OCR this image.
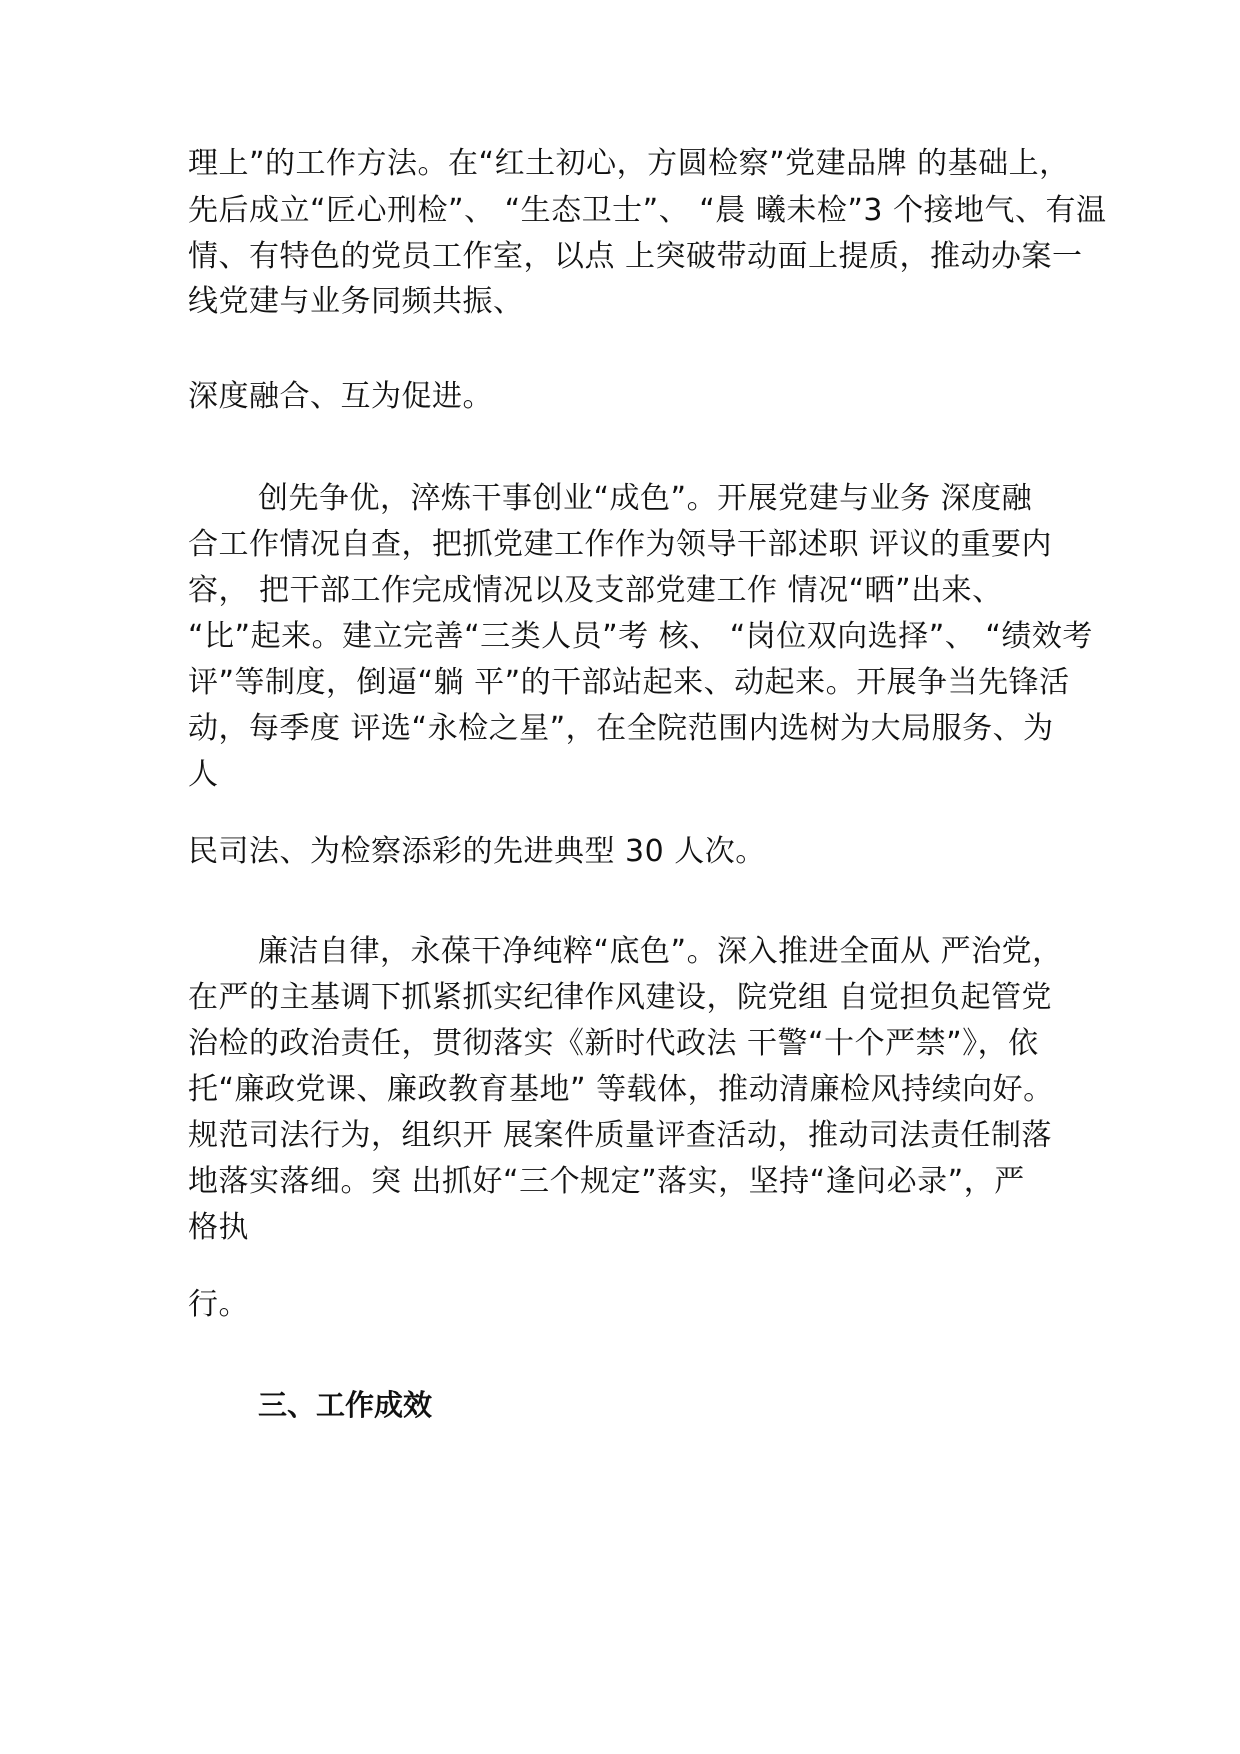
理上”的工作方法。在“红土初心，方圆检察”党建品牌 的基础上，
先后成立“匠心刑检”、 “生态卫士”、 “晨 曦未检”3 个接地气、有温
情、有特色的党员工作室，以点 上突破带动面上提质，推动办案一
线党建与业务同频共振、
深度融合、互为促进。
创先争优，淬炼干事创业“成色”。开展党建与业务 深度融
合工作情况自查，把抓党建工作作为领导干部述职 评议的重要内
容， 把干部工作完成情况以及支部党建工作 情况“晒”出来、
“比”起来。建立完善“三类人员”考 核、 “岗位双向选择”、 “绩效考
评”等制度，倒逼“躺 平”的干部站起来、动起来。开展争当先锋活
动，每季度 评选“永检之星”，在全院范围内选树为大局服务、为
人
民司法、为检察添彩的先进典型 30 人次。
廉洁自律，永葆干净纯粹“底色”。深入推进全面从 严治党，
在严的主基调下抓紧抓实纪律作风建设，院党组 自觉担负起管党
治检的政治责任，贯彻落实《新时代政法 干警“十个严禁”》，依
托“廉政党课、廉政教育基地” 等载体，推动清廉检风持续向好。
规范司法行为，组织开 展案件质量评查活动，推动司法责任制落
地落实落细。突 出抓好“三个规定”落实，坚持“逢问必录”，严
格执
行。
三、工作成效
